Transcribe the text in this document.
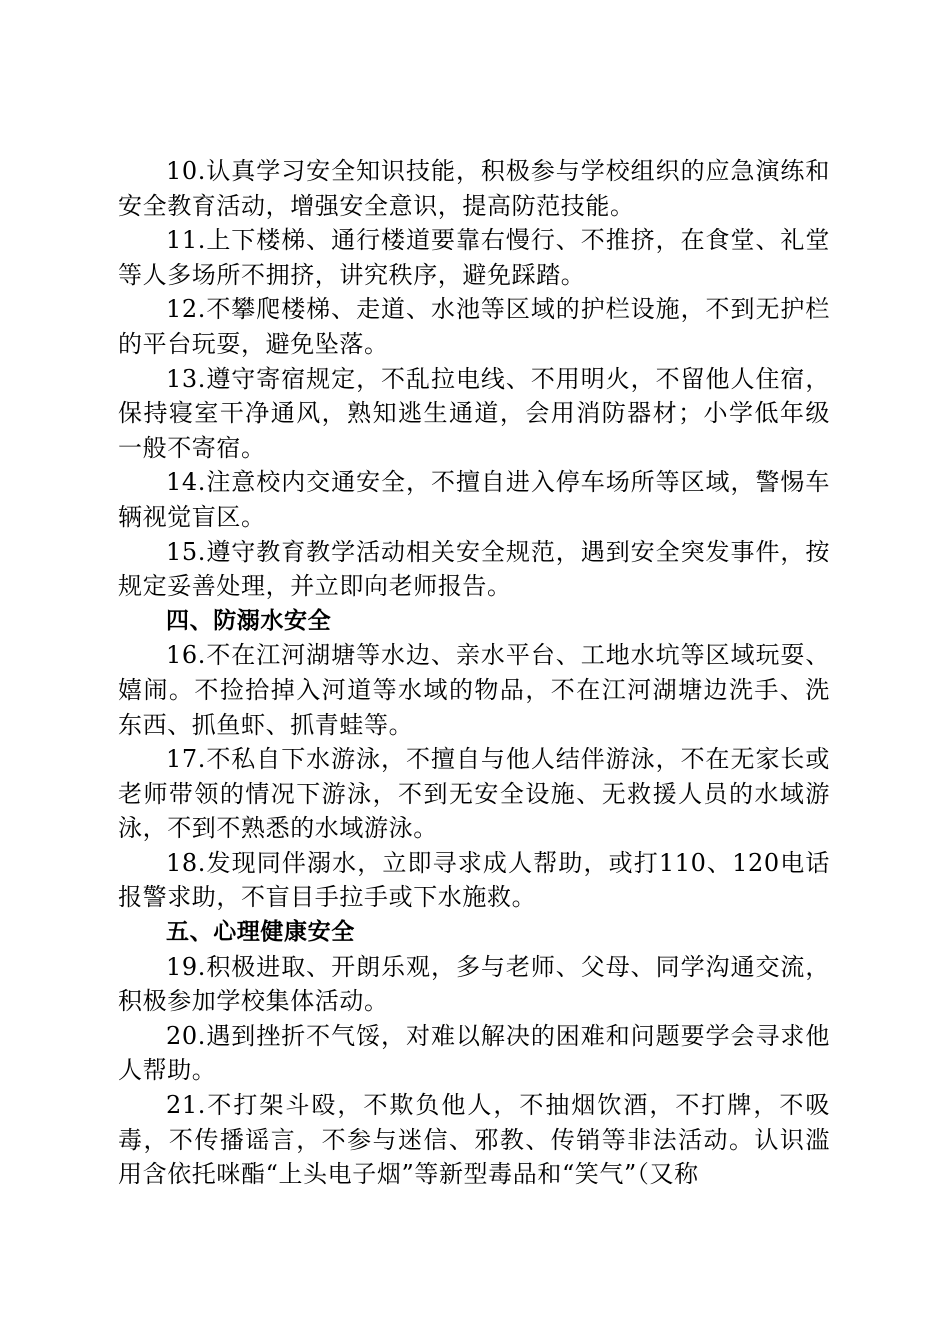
10.认真学习安全知识技能，积极参与学校组织的应急演练和安全教育活动，增强安全意识，提高防范技能。

11.上下楼梯、通行楼道要靠右慢行、不推挤，在食堂、礼堂等人多场所不拥挤，讲究秩序，避免踩踏。

12.不攀爬楼梯、走道、水池等区域的护栏设施，不到无护栏的平台玩耍，避免坠落。

13.遵守寄宿规定，不乱拉电线、不用明火，不留他人住宿，保持寝室干净通风，熟知逃生通道，会用消防器材；小学低年级一般不寄宿。

14.注意校内交通安全，不擅自进入停车场所等区域，警惕车辆视觉盲区。

15.遵守教育教学活动相关安全规范，遇到安全突发事件，按规定妥善处理，并立即向老师报告。

四、防溺水安全

16.不在江河湖塘等水边、亲水平台、工地水坑等区域玩耍、嬉闹。不捡拾掉入河道等水域的物品，不在江河湖塘边洗手、洗东西、抓鱼虾、抓青蛙等。

17.不私自下水游泳，不擅自与他人结伴游泳，不在无家长或老师带领的情况下游泳，不到无安全设施、无救援人员的水域游泳，不到不熟悉的水域游泳。

18.发现同伴溺水，立即寻求成人帮助，或打110、120电话报警求助，不盲目手拉手或下水施救。

五、心理健康安全

19.积极进取、开朗乐观，多与老师、父母、同学沟通交流，积极参加学校集体活动。

20.遇到挫折不气馁，对难以解决的困难和问题要学会寻求他人帮助。

21.不打架斗殴，不欺负他人，不抽烟饮酒，不打牌，不吸毒，不传播谣言，不参与迷信、邪教、传销等非法活动。认识滥用含依托咪酯“上头电子烟”等新型毒品和“笑气”（又称
